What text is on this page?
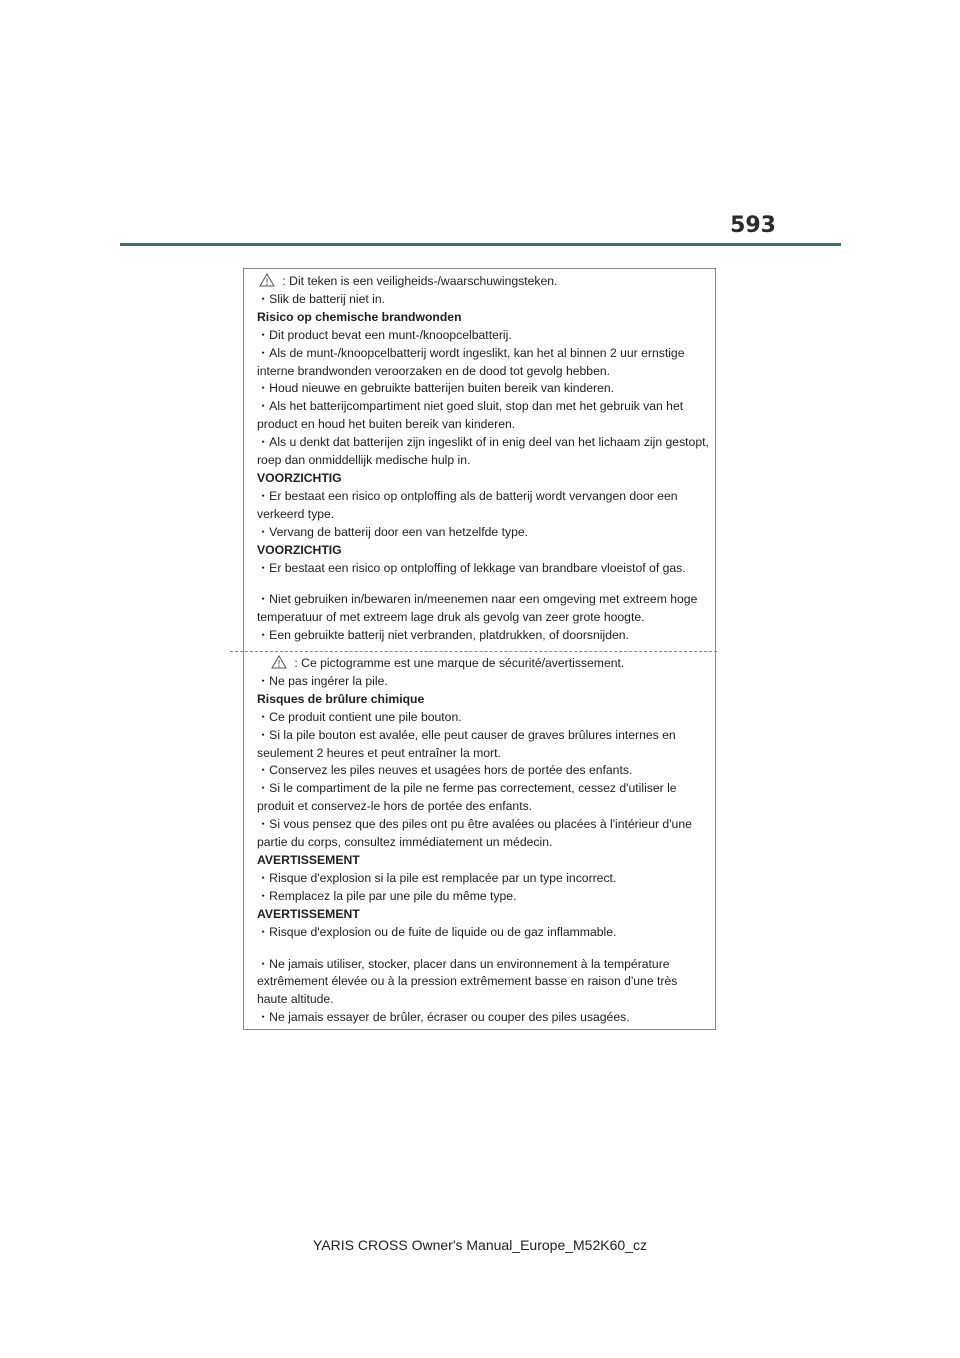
593
: Dit teken is een veiligheids-/waarschuwingsteken.
・Slik de batterij niet in.
Risico op chemische brandwonden
・Dit product bevat een munt-/knoopcelbatterij.
・Als de munt-/knoopcelbatterij wordt ingeslikt, kan het al binnen 2 uur ernstige interne brandwonden veroorzaken en de dood tot gevolg hebben.
・Houd nieuwe en gebruikte batterijen buiten bereik van kinderen.
・Als het batterijcompartiment niet goed sluit, stop dan met het gebruik van het product en houd het buiten bereik van kinderen.
・Als u denkt dat batterijen zijn ingeslikt of in enig deel van het lichaam zijn gestopt, roep dan onmiddellijk medische hulp in.
VOORZICHTIG
・Er bestaat een risico op ontploffing als de batterij wordt vervangen door een verkeerd type.
・Vervang de batterij door een van hetzelfde type.
VOORZICHTIG
・Er bestaat een risico op ontploffing of lekkage van brandbare vloeistof of gas.
・Niet gebruiken in/bewaren in/meenemen naar een omgeving met extreem hoge temperatuur of met extreem lage druk als gevolg van zeer grote hoogte.
・Een gebruikte batterij niet verbranden, platdrukken, of doorsnijden.
: Ce pictogramme est une marque de sécurité/avertissement.
・Ne pas ingérer la pile.
Risques de brûlure chimique
・Ce produit contient une pile bouton.
・Si la pile bouton est avalée, elle peut causer de graves brûlures internes en seulement 2 heures et peut entraîner la mort.
・Conservez les piles neuves et usagées hors de portée des enfants.
・Si le compartiment de la pile ne ferme pas correctement, cessez d'utiliser le produit et conservez-le hors de portée des enfants.
・Si vous pensez que des piles ont pu être avalées ou placées à l'intérieur d'une partie du corps, consultez immédiatement un médecin.
AVERTISSEMENT
・Risque d'explosion si la pile est remplacée par un type incorrect.
・Remplacez la pile par une pile du même type.
AVERTISSEMENT
・Risque d'explosion ou de fuite de liquide ou de gaz inflammable.
・Ne jamais utiliser, stocker, placer dans un environnement à la température extrêmement élevée ou à la pression extrêmement basse en raison d'une très haute altitude.
・Ne jamais essayer de brûler, écraser ou couper des piles usagées.
YARIS CROSS Owner's Manual_Europe_M52K60_cz
